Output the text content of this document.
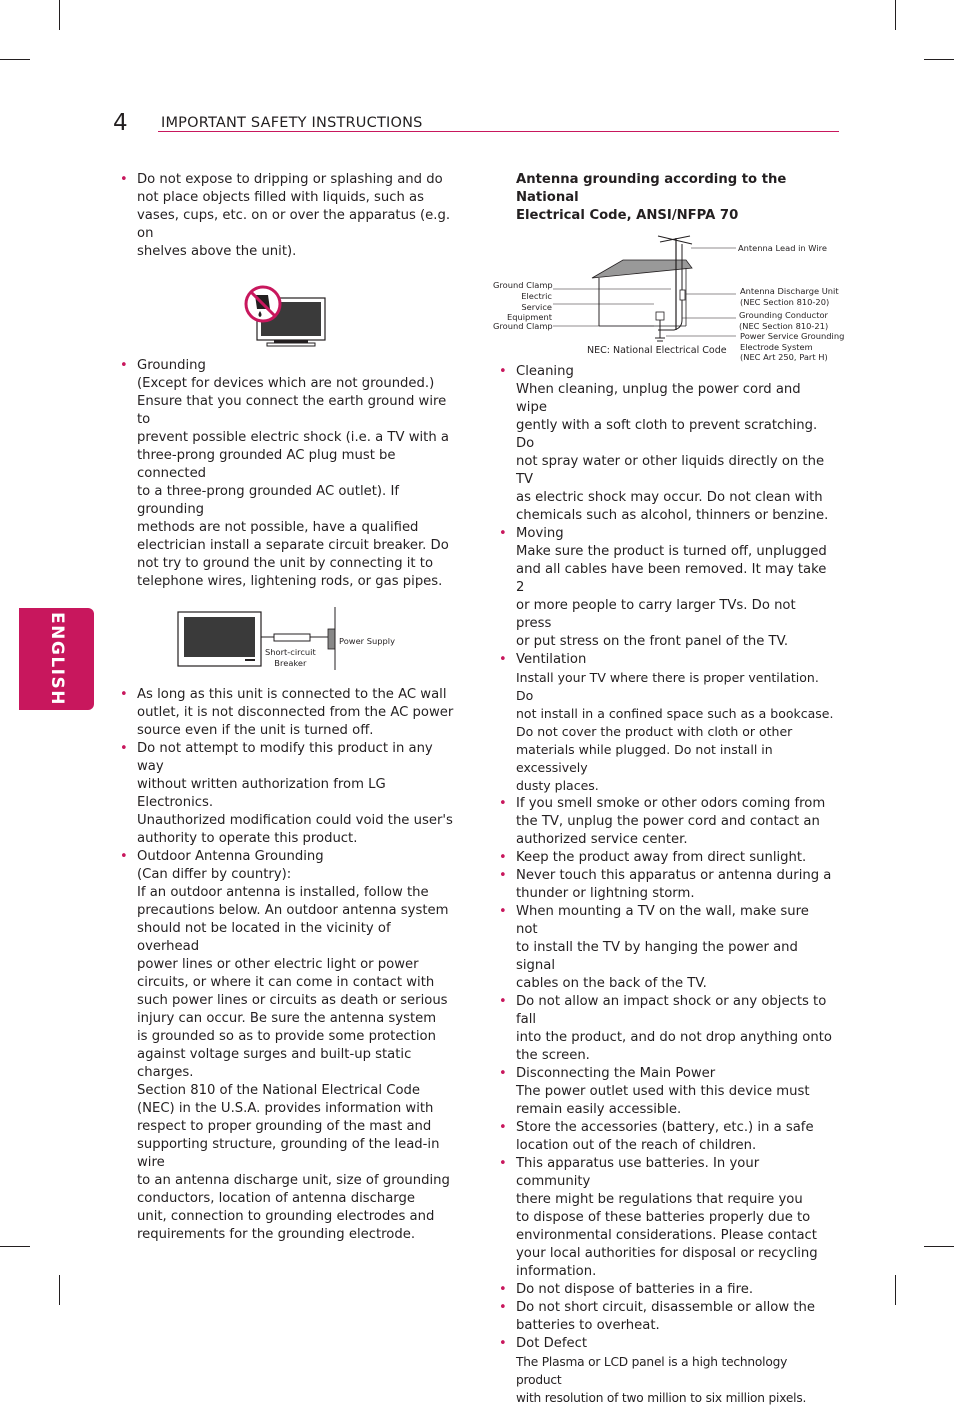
4 IMPORTANT SAFETY INSTRUCTIONS
ENGLISH
• Do not expose to dripping or splashing and do
not place objects filled with liquids, such as
vases, cups, etc. on or over the apparatus (e.g. on
shelves above the unit).
• Grounding
(Except for devices which are not grounded.)
Ensure that you connect the earth ground wire to
prevent possible electric shock (i.e. a TV with a
three-prong grounded AC plug must be connected
to a three-prong grounded AC outlet). If grounding
methods are not possible, have a qualified
electrician install a separate circuit breaker. Do
not try to ground the unit by connecting it to
telephone wires, lightening rods, or gas pipes.
Short-circuit
Breaker
Power Supply
• As long as this unit is connected to the AC wall
outlet, it is not disconnected from the AC power
source even if the unit is turned off.
• Do not attempt to modify this product in any way
without written authorization from LG Electronics.
Unauthorized modification could void the user's
authority to operate this product.
• Outdoor Antenna Grounding
(Can differ by country):
If an outdoor antenna is installed, follow the
precautions below. An outdoor antenna system
should not be located in the vicinity of overhead
power lines or other electric light or power
circuits, or where it can come in contact with
such power lines or circuits as death or serious
injury can occur. Be sure the antenna system
is grounded so as to provide some protection
against voltage surges and built-up static charges.
Section 810 of the National Electrical Code
(NEC) in the U.S.A. provides information with
respect to proper grounding of the mast and
supporting structure, grounding of the lead-in wire
to an antenna discharge unit, size of grounding
conductors, location of antenna discharge
unit, connection to grounding electrodes and
requirements for the grounding electrode.
Antenna grounding according to the National
Electrical Code, ANSI/NFPA 70
Antenna Lead in Wire
Ground Clamp
Electric Service
Equipment
Ground Clamp
Antenna Discharge Unit
(NEC Section 810-20)
Grounding Conductor
(NEC Section 810-21)
Power Service Grounding
Electrode System
(NEC Art 250, Part H)
NEC: National Electrical Code
• Cleaning
When cleaning, unplug the power cord and wipe
gently with a soft cloth to prevent scratching. Do
not spray water or other liquids directly on the TV
as electric shock may occur. Do not clean with
chemicals such as alcohol, thinners or benzine.
• Moving
Make sure the product is turned off, unplugged
and all cables have been removed. It may take 2
or more people to carry larger TVs. Do not press
or put stress on the front panel of the TV.
• Ventilation
Install your TV where there is proper ventilation. Do
not install in a confined space such as a bookcase.
Do not cover the product with cloth or other
materials while plugged. Do not install in excessively
dusty places.
• If you smell smoke or other odors coming from
the TV, unplug the power cord and contact an
authorized service center.
• Keep the product away from direct sunlight.
• Never touch this apparatus or antenna during a
thunder or lightning storm.
• When mounting a TV on the wall, make sure not
to install the TV by hanging the power and signal
cables on the back of the TV.
• Do not allow an impact shock or any objects to fall
into the product, and do not drop anything onto
the screen.
• Disconnecting the Main Power
The power outlet used with this device must
remain easily accessible.
• Store the accessories (battery, etc.) in a safe
location out of the reach of children.
• This apparatus use batteries. In your community
there might be regulations that require you
to dispose of these batteries properly due to
environmental considerations. Please contact
your local authorities for disposal or recycling
information.
• Do not dispose of batteries in a fire.
• Do not short circuit, disassemble or allow the
batteries to overheat.
• Dot Defect
The Plasma or LCD panel is a high technology product
with resolution of two million to six million pixels.
